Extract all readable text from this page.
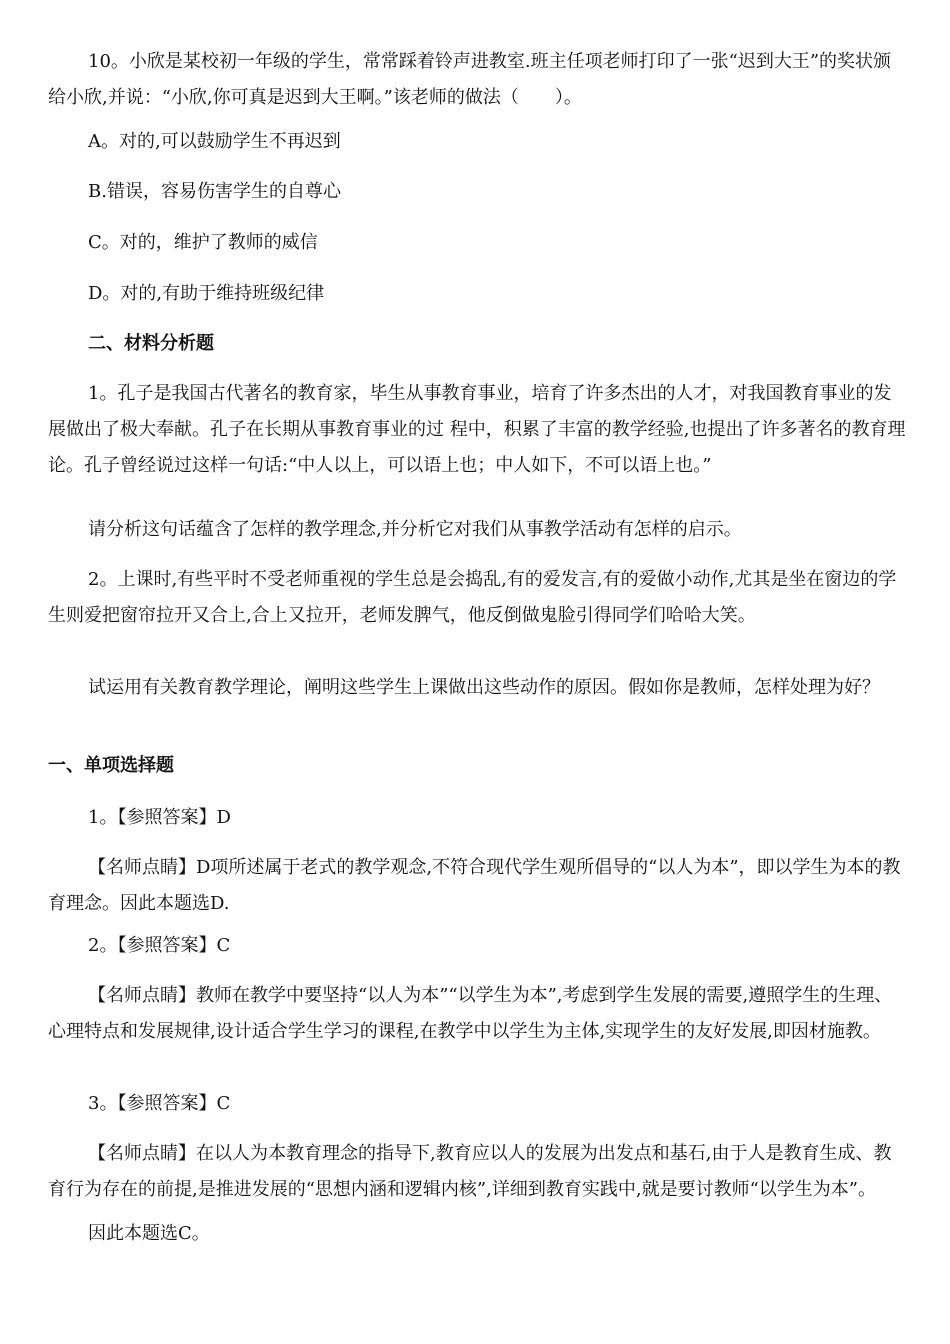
10。小欣是某校初一年级的学生，常常踩着铃声进教室.班主任项老师打印了一张“迟到大王”的奖状颁给小欣,并说：“小欣,你可真是迟到大王啊。”该老师的做法（　　）。

A。对的,可以鼓励学生不再迟到

B.错误，容易伤害学生的自尊心

C。对的，维护了教师的威信

D。对的,有助于维持班级纪律

二、材料分析题

1。孔子是我国古代著名的教育家，毕生从事教育事业，培育了许多杰出的人才，对我国教育事业的发展做出了极大奉献。孔子在长期从事教育事业的过 程中，积累了丰富的教学经验,也提出了许多著名的教育理论。孔子曾经说过这样一句话:“中人以上，可以语上也；中人如下，不可以语上也。”

请分析这句话蕴含了怎样的教学理念,并分析它对我们从事教学活动有怎样的启示。

2。上课时,有些平时不受老师重视的学生总是会捣乱,有的爱发言,有的爱做小动作,尤其是坐在窗边的学生则爱把窗帘拉开又合上,合上又拉开，老师发脾气，他反倒做鬼脸引得同学们哈哈大笑。

试运用有关教育教学理论，阐明这些学生上课做出这些动作的原因。假如你是教师，怎样处理为好？

一、单项选择题

1。【参照答案】D

【名师点睛】D项所述属于老式的教学观念,不符合现代学生观所倡导的“以人为本”，即以学生为本的教育理念。因此本题选D.

2。【参照答案】C

【名师点睛】教师在教学中要坚持“以人为本”“以学生为本”,考虑到学生发展的需要,遵照学生的生理、心理特点和发展规律,设计适合学生学习的课程,在教学中以学生为主体,实现学生的友好发展,即因材施教。

3。【参照答案】C

【名师点睛】在以人为本教育理念的指导下,教育应以人的发展为出发点和基石,由于人是教育生成、教育行为存在的前提,是推进发展的“思想内涵和逻辑内核”,详细到教育实践中,就是要讨教师“以学生为本”。

因此本题选C。
